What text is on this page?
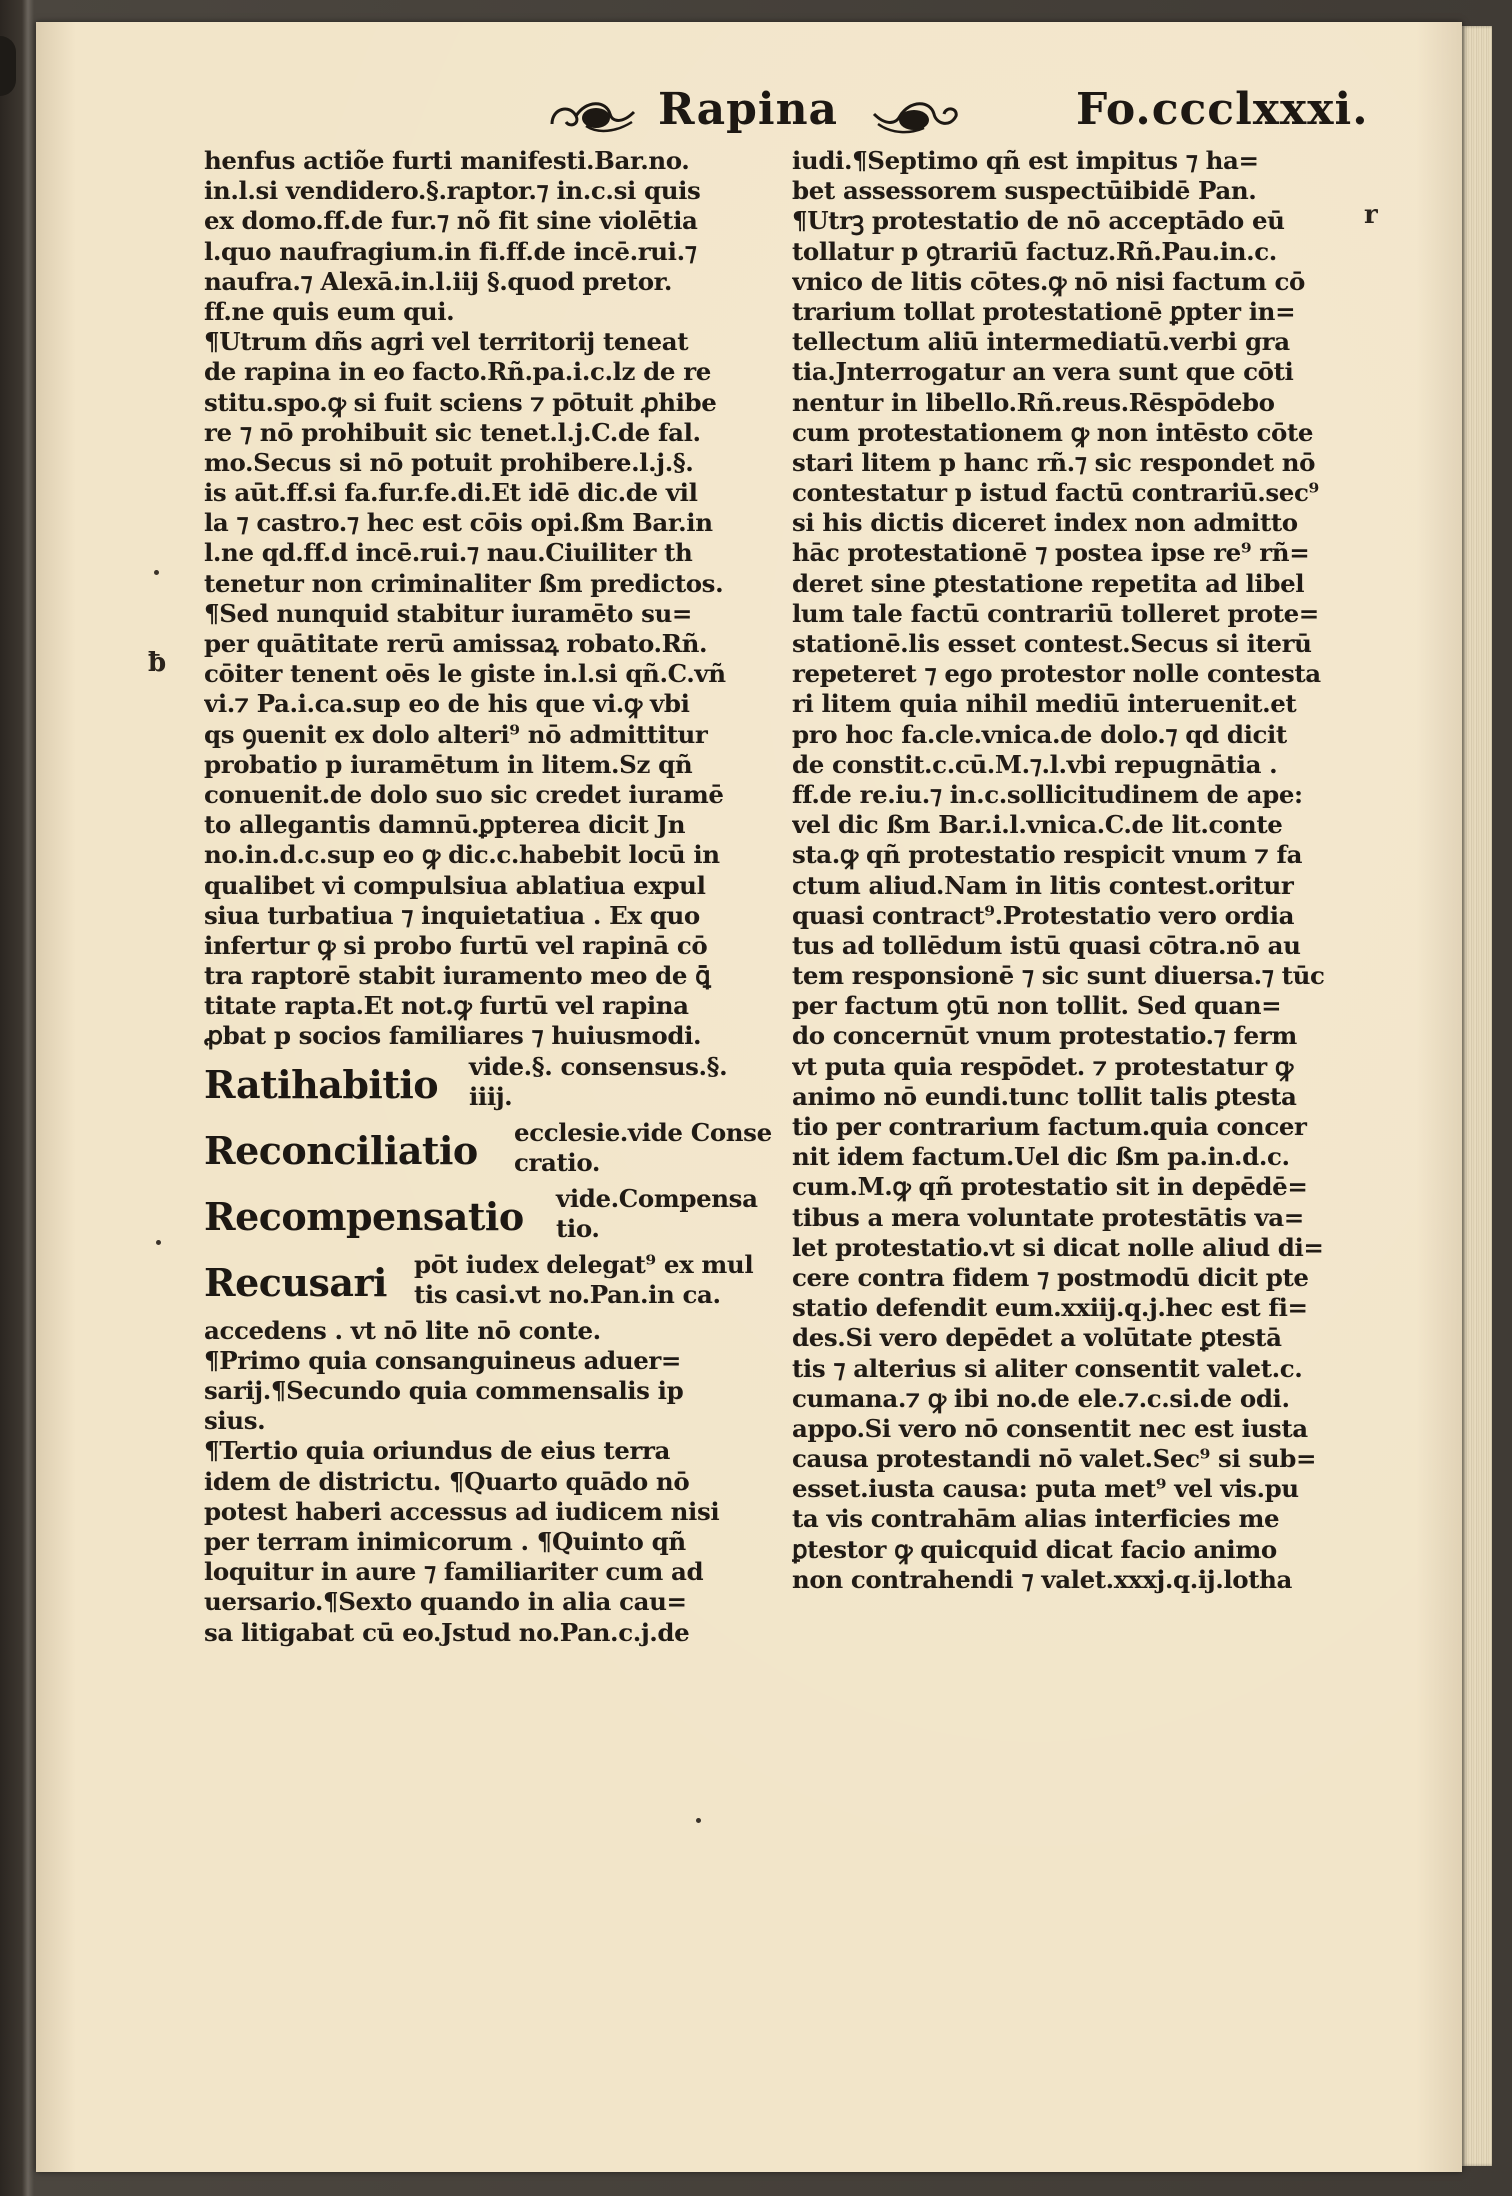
Rapina	Fo.ccclxxxi.
henfus actiõe furti manifesti.Bar.no.
in.l.si vendidero.§.raptor.⁊ in.c.si quis
ex domo.ff.de fur.⁊ nõ fit sine violētia
l.quo naufragium.in fi.ff.de incē.rui.⁊
naufra.⁊ Alexā.in.l.iij §.quod pretor.
ff.ne quis eum qui.
¶Utrum dñs agri vel territorij teneat
de rapina in eo facto.Rñ.pa.i.c.lz de re
stitu.spo.ꝙ si fuit sciens ⁊ pōtuit ꝓhibe
re ⁊ nō prohibuit sic tenet.l.j.C.de fal.
mo.Secus si nō potuit prohibere.l.j.§.
is aūt.ff.si fa.fur.fe.di.Et idē dic.de vil
la ⁊ castro.⁊ hec est cōis opi.ßm Bar.in
l.ne qd.ff.d incē.rui.⁊ nau.Ciuiliter th
tenetur non criminaliter ßm predictos.
¶Sed nunquid stabitur iuramēto su=
per quātitate rerū amissaꝝ robato.Rñ.
cōiter tenent oēs le giste in.l.si qñ.C.vñ
vi.⁊ Pa.i.ca.sup eo de his que vi.ꝙ vbi
qs ꝯuenit ex dolo alteri⁹ nō admittitur
probatio p iuramētum in litem.Sz qñ
conuenit.de dolo suo sic credet iuramē
to allegantis damnū.ꝑpterea dicit Jn
no.in.d.c.sup eo ꝙ dic.c.habebit locū in
qualibet vi compulsiua ablatiua expul
siua turbatiua ⁊ inquietatiua . Ex quo
infertur ꝙ si probo furtū vel rapinā cō
tra raptorē stabit iuramento meo de ꝗ̄
titate rapta.Et not.ꝙ furtū vel rapina
ꝓbat p socios familiares ⁊ huiusmodi.
Ratihabitio vide.§. consensus.§.
iiij.
Reconciliatio ecclesie.vide Conse
cratio.
Recompensatio vide.Compensa
tio.
Recusari pōt iudex delegat⁹ ex mul
tis casi.vt no.Pan.in ca.
accedens . vt nō lite nō conte.
¶Primo quia consanguineus aduer=
sarij.¶Secundo quia commensalis ip
sius.
¶Tertio quia oriundus de eius terra
idem de districtu. ¶Quarto quādo nō
potest haberi accessus ad iudicem nisi
per terram inimicorum . ¶Quinto qñ
loquitur in aure ⁊ familiariter cum ad
uersario.¶Sexto quando in alia cau=
sa litigabat cū eo.Jstud no.Pan.c.j.de
iudi.¶Septimo qñ est impitus ⁊ ha=
bet assessorem suspectūibidē Pan.
¶Utrꝫ protestatio de nō acceptādo eū
tollatur p ꝯtrariū factuz.Rñ.Pau.in.c.
vnico de litis cōtes.ꝙ nō nisi factum cō
trarium tollat protestationē ꝑpter in=
tellectum aliū intermediatū.verbi gra
tia.Jnterrogatur an vera sunt que cōti
nentur in libello.Rñ.reus.Rēspōdebo
cum protestationem ꝙ non intēsto cōte
stari litem p hanc rñ.⁊ sic respondet nō
contestatur p istud factū contrariū.sec⁹
si his dictis diceret index non admitto
hāc protestationē ⁊ postea ipse re⁹ rñ=
deret sine ꝑtestatione repetita ad libel
lum tale factū contrariū tolleret prote=
stationē.lis esset contest.Secus si iterū
repeteret ⁊ ego protestor nolle contesta
ri litem quia nihil mediū interuenit.et
pro hoc fa.cle.vnica.de dolo.⁊ qd dicit
de constit.c.cū.M.⁊.l.vbi repugnātia .
ff.de re.iu.⁊ in.c.sollicitudinem de ape:
vel dic ßm Bar.i.l.vnica.C.de lit.conte
sta.ꝙ qñ protestatio respicit vnum ⁊ fa
ctum aliud.Nam in litis contest.oritur
quasi contract⁹.Protestatio vero ordia
tus ad tollēdum istū quasi cōtra.nō au
tem responsionē ⁊ sic sunt diuersa.⁊ tūc
per factum ꝯtū non tollit. Sed quan=
do concernūt vnum protestatio.⁊ ferm
vt puta quia respōdet. ⁊ protestatur ꝙ
animo nō eundi.tunc tollit talis ꝑtesta
tio per contrarium factum.quia concer
nit idem factum.Uel dic ßm pa.in.d.c.
cum.M.ꝙ qñ protestatio sit in depēdē=
tibus a mera voluntate protestātis va=
let protestatio.vt si dicat nolle aliud di=
cere contra fidem ⁊ postmodū dicit pte
statio defendit eum.xxiij.q.j.hec est fi=
des.Si vero depēdet a volūtate ꝑtestā
tis ⁊ alterius si aliter consentit valet.c.
cumana.⁊ ꝙ ibi no.de ele.⁊.c.si.de odi.
appo.Si vero nō consentit nec est iusta
causa protestandi nō valet.Sec⁹ si sub=
esset.iusta causa: puta met⁹ vel vis.pu
ta vis contrahām alias interficies me
ꝑtestor ꝙ quicquid dicat facio animo
non contrahendi ⁊ valet.xxxj.q.ij.lotha
ƀ
r
